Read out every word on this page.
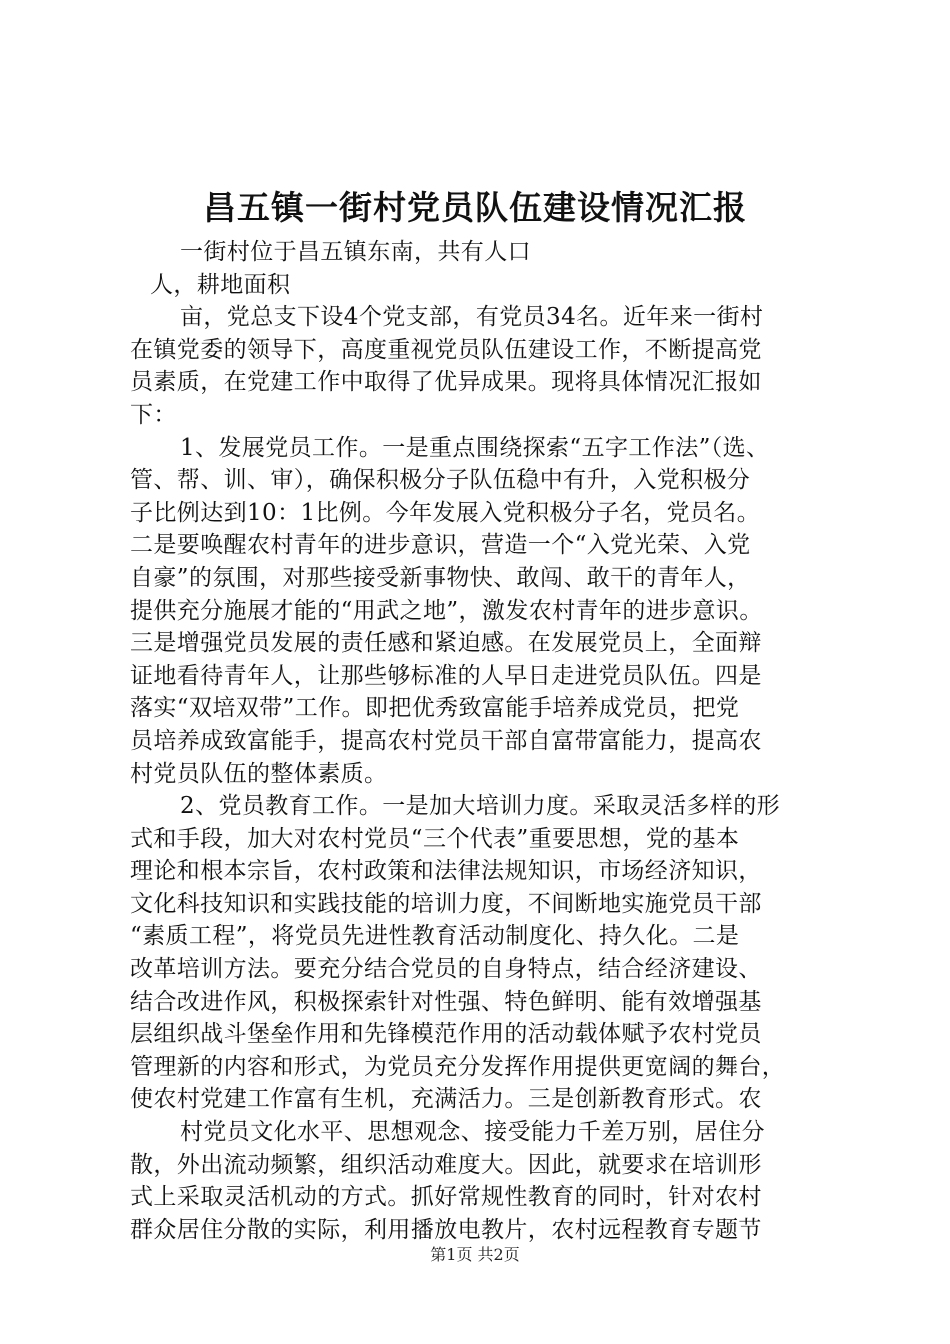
昌五镇一街村党员队伍建设情况汇报
一街村位于昌五镇东南，共有人口
人，耕地面积
亩，党总支下设4个党支部，有党员34名。近年来一街村
在镇党委的领导下，高度重视党员队伍建设工作，不断提高党
员素质，在党建工作中取得了优异成果。现将具体情况汇报如
下：
1、发展党员工作。一是重点围绕探索“五字工作法”（选、
管、帮、训、审），确保积极分子队伍稳中有升，入党积极分
子比例达到10：1比例。今年发展入党积极分子名，党员名。
二是要唤醒农村青年的进步意识，营造一个“入党光荣、入党
自豪”的氛围，对那些接受新事物快、敢闯、敢干的青年人，
提供充分施展才能的“用武之地”，激发农村青年的进步意识。
三是增强党员发展的责任感和紧迫感。在发展党员上，全面辩
证地看待青年人，让那些够标准的人早日走进党员队伍。四是
落实“双培双带”工作。即把优秀致富能手培养成党员，把党
员培养成致富能手，提高农村党员干部自富带富能力，提高农
村党员队伍的整体素质。
2、党员教育工作。一是加大培训力度。采取灵活多样的形
式和手段，加大对农村党员“三个代表”重要思想，党的基本
理论和根本宗旨，农村政策和法律法规知识，市场经济知识，
文化科技知识和实践技能的培训力度，不间断地实施党员干部
“素质工程”，将党员先进性教育活动制度化、持久化。二是
改革培训方法。要充分结合党员的自身特点，结合经济建设、
结合改进作风，积极探索针对性强、特色鲜明、能有效增强基
层组织战斗堡垒作用和先锋模范作用的活动载体赋予农村党员
管理新的内容和形式，为党员充分发挥作用提供更宽阔的舞台，
使农村党建工作富有生机，充满活力。三是创新教育形式。农
村党员文化水平、思想观念、接受能力千差万别，居住分
散，外出流动频繁，组织活动难度大。因此，就要求在培训形
式上采取灵活机动的方式。抓好常规性教育的同时，针对农村
群众居住分散的实际，利用播放电教片，农村远程教育专题节
第1页 共2页
